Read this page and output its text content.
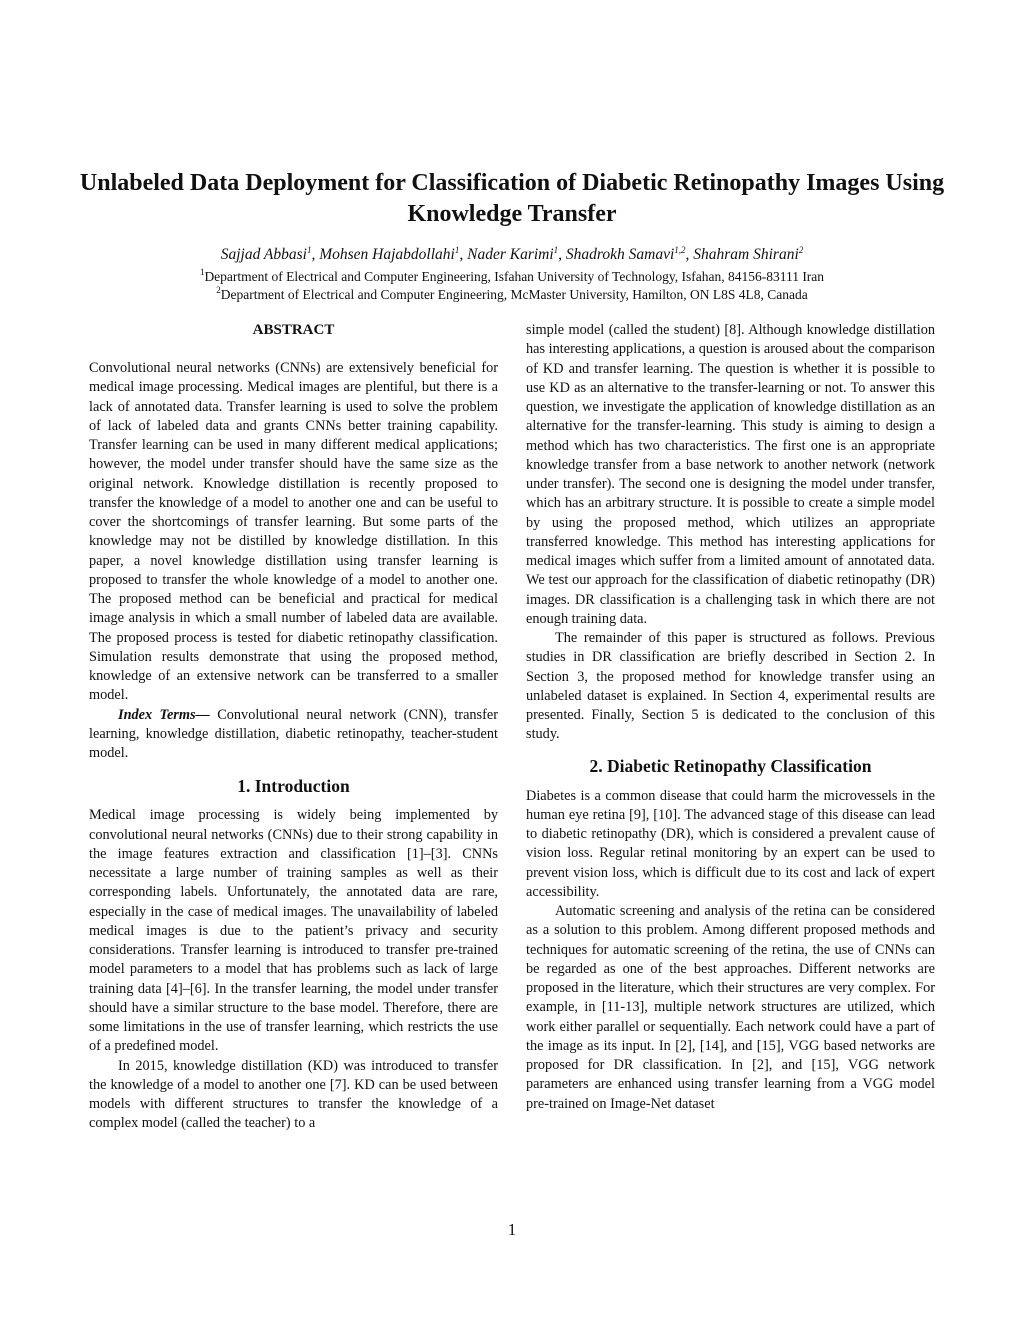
Unlabeled Data Deployment for Classification of Diabetic Retinopathy Images Using Knowledge Transfer

Sajjad Abbasi$^1$, Mohsen Hajabdollahi$^1$, Nader Karimi$^1$, Shadrokh Samavi$^{1,2}$, Shahram Shirani$^2$

$^1$Department of Electrical and Computer Engineering, Isfahan University of Technology, Isfahan, 84156-83111 Iran

$^2$Department of Electrical and Computer Engineering, McMaster University, Hamilton, ON L8S 4L8, Canada

ABSTRACT

Convolutional neural networks (CNNs) are extensively beneficial for medical image processing. Medical images are plentiful, but there is a lack of annotated data. Transfer learning is used to solve the problem of lack of labeled data and grants CNNs better training capability. Transfer learning can be used in many different medical applications; however, the model under transfer should have the same size as the original network. Knowledge distillation is recently proposed to transfer the knowledge of a model to another one and can be useful to cover the shortcomings of transfer learning. But some parts of the knowledge may not be distilled by knowledge distillation. In this paper, a novel knowledge distillation using transfer learning is proposed to transfer the whole knowledge of a model to another one. The proposed method can be beneficial and practical for medical image analysis in which a small number of labeled data are available. The proposed process is tested for diabetic retinopathy classification. Simulation results demonstrate that using the proposed method, knowledge of an extensive network can be transferred to a smaller model.

Index Terms— Convolutional neural network (CNN), transfer learning, knowledge distillation, diabetic retinopathy, teacher-student model.

1. Introduction

Medical image processing is widely being implemented by convolutional neural networks (CNNs) due to their strong capability in the image features extraction and classification [1]–[3]. CNNs necessitate a large number of training samples as well as their corresponding labels. Unfortunately, the annotated data are rare, especially in the case of medical images. The unavailability of labeled medical images is due to the patient’s privacy and security considerations. Transfer learning is introduced to transfer pre-trained model parameters to a model that has problems such as lack of large training data [4]–[6]. In the transfer learning, the model under transfer should have a similar structure to the base model. Therefore, there are some limitations in the use of transfer learning, which restricts the use of a predefined model.

In 2015, knowledge distillation (KD) was introduced to transfer the knowledge of a model to another one [7]. KD can be used between models with different structures to transfer the knowledge of a complex model (called the teacher) to a

simple model (called the student) [8]. Although knowledge distillation has interesting applications, a question is aroused about the comparison of KD and transfer learning. The question is whether it is possible to use KD as an alternative to the transfer-learning or not. To answer this question, we investigate the application of knowledge distillation as an alternative for the transfer-learning. This study is aiming to design a method which has two characteristics. The first one is an appropriate knowledge transfer from a base network to another network (network under transfer). The second one is designing the model under transfer, which has an arbitrary structure. It is possible to create a simple model by using the proposed method, which utilizes an appropriate transferred knowledge. This method has interesting applications for medical images which suffer from a limited amount of annotated data. We test our approach for the classification of diabetic retinopathy (DR) images. DR classification is a challenging task in which there are not enough training data.

The remainder of this paper is structured as follows. Previous studies in DR classification are briefly described in Section 2. In Section 3, the proposed method for knowledge transfer using an unlabeled dataset is explained. In Section 4, experimental results are presented. Finally, Section 5 is dedicated to the conclusion of this study.

2. Diabetic Retinopathy Classification

Diabetes is a common disease that could harm the microvessels in the human eye retina [9], [10]. The advanced stage of this disease can lead to diabetic retinopathy (DR), which is considered a prevalent cause of vision loss. Regular retinal monitoring by an expert can be used to prevent vision loss, which is difficult due to its cost and lack of expert accessibility.

Automatic screening and analysis of the retina can be considered as a solution to this problem. Among different proposed methods and techniques for automatic screening of the retina, the use of CNNs can be regarded as one of the best approaches. Different networks are proposed in the literature, which their structures are very complex. For example, in [11-13], multiple network structures are utilized, which work either parallel or sequentially. Each network could have a part of the image as its input. In [2], [14], and [15], VGG based networks are proposed for DR classification. In [2], and [15], VGG network parameters are enhanced using transfer learning from a VGG model pre-trained on Image-Net dataset

1
